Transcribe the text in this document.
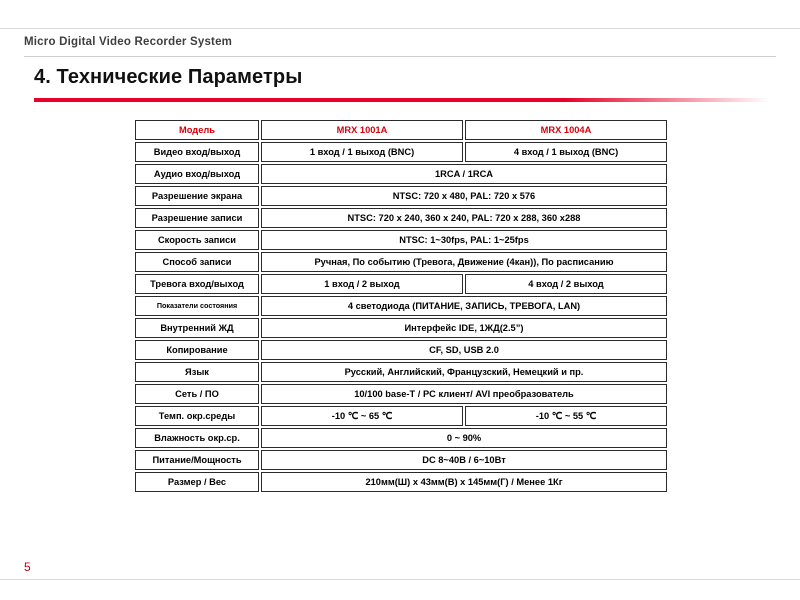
Micro Digital Video Recorder System
4. Технические Параметры
Модель	MRX 1001A	MRX 1004A
Видео вход/выход	1 вход / 1 выход (BNC)	4 вход / 1 выход (BNC)
Аудио вход/выход	1RCA / 1RCA	
Разрешение экрана	NTSC: 720 x 480, PAL: 720 x 576	
Разрешение записи	NTSC: 720 x 240, 360 x 240, PAL: 720 x 288, 360 x288	
Скорость записи	NTSC: 1~30fps, PAL: 1~25fps	
Способ записи	Ручная, По событию (Тревога, Движение (4кан)), По расписанию	
Тревога вход/выход	1 вход / 2 выход	4 вход / 2 выход
Показатели состояния	4 светодиода (ПИТАНИЕ, ЗАПИСЬ, ТРЕВОГА, LAN)	
Внутренний ЖД	Интерфейс IDE, 1ЖД(2.5”)	
Копирование	CF, SD, USB 2.0	
Язык	Русский, Английский, Французский, Немецкий и пр.	
Сеть / ПО	10/100 base-T / PC клиент/ AVI преобразователь	
Темп. окр.среды	-10 ℃ ~ 65 ℃	-10 ℃ ~ 55 ℃
Влажность окр.ср.	0 ~ 90%	
Питание/Мощность	DC 8~40В / 6~10Вт	
Размер / Вес	210мм(Ш) x 43мм(В) x 145мм(Г) / Менее 1Кг	
5
